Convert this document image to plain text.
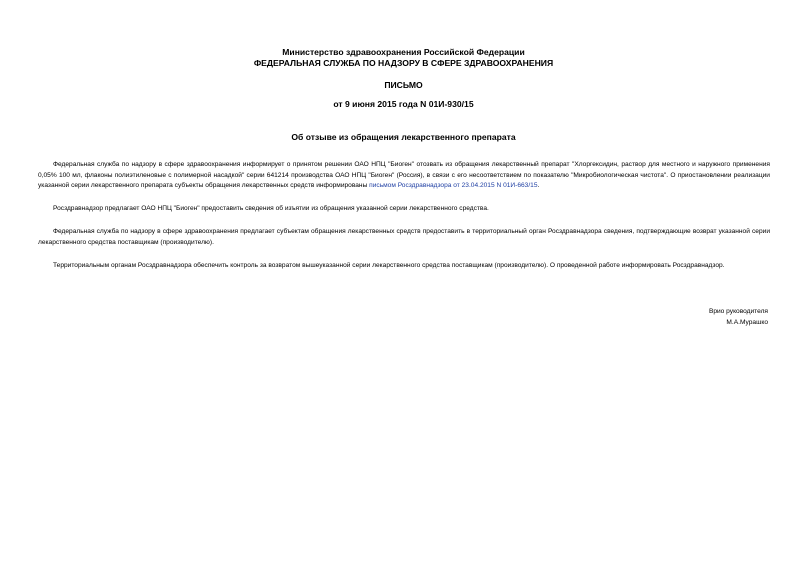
Министерство здравоохранения Российской Федерации
ФЕДЕРАЛЬНАЯ СЛУЖБА ПО НАДЗОРУ В СФЕРЕ ЗДРАВООХРАНЕНИЯ
ПИСЬМО
от 9 июня 2015 года N 01И-930/15
Об отзыве из обращения лекарственного препарата

Федеральная служба по надзору в сфере здравоохранения информирует о принятом решении ОАО НПЦ "Биоген" отозвать из обращения лекарственный препарат "Хлоргексидин, раствор для местного и наружного применения 0,05% 100 мл, флаконы полиэтиленовые с полимерной насадкой" серии 641214 производства ОАО НПЦ "Биоген" (Россия), в связи с его несоответствием по показателю "Микробиологическая чистота". О приостановлении реализации указанной серии лекарственного препарата субъекты обращения лекарственных средств информированы письмом Росздравнадзора от 23.04.2015 N 01И-663/15.

Росздравнадзор предлагает ОАО НПЦ "Биоген" предоставить сведения об изъятии из обращения указанной серии лекарственного средства.

Федеральная служба по надзору в сфере здравоохранения предлагает субъектам обращения лекарственных средств предоставить в территориальный орган Росздравнадзора сведения, подтверждающие возврат указанной серии лекарственного средства поставщикам (производителю).

Территориальным органам Росздравнадзора обеспечить контроль за возвратом вышеуказанной серии лекарственного средства поставщикам (производителю). О проведенной работе информировать Росздравнадзор.

Врио руководителя
М.А.Мурашко
